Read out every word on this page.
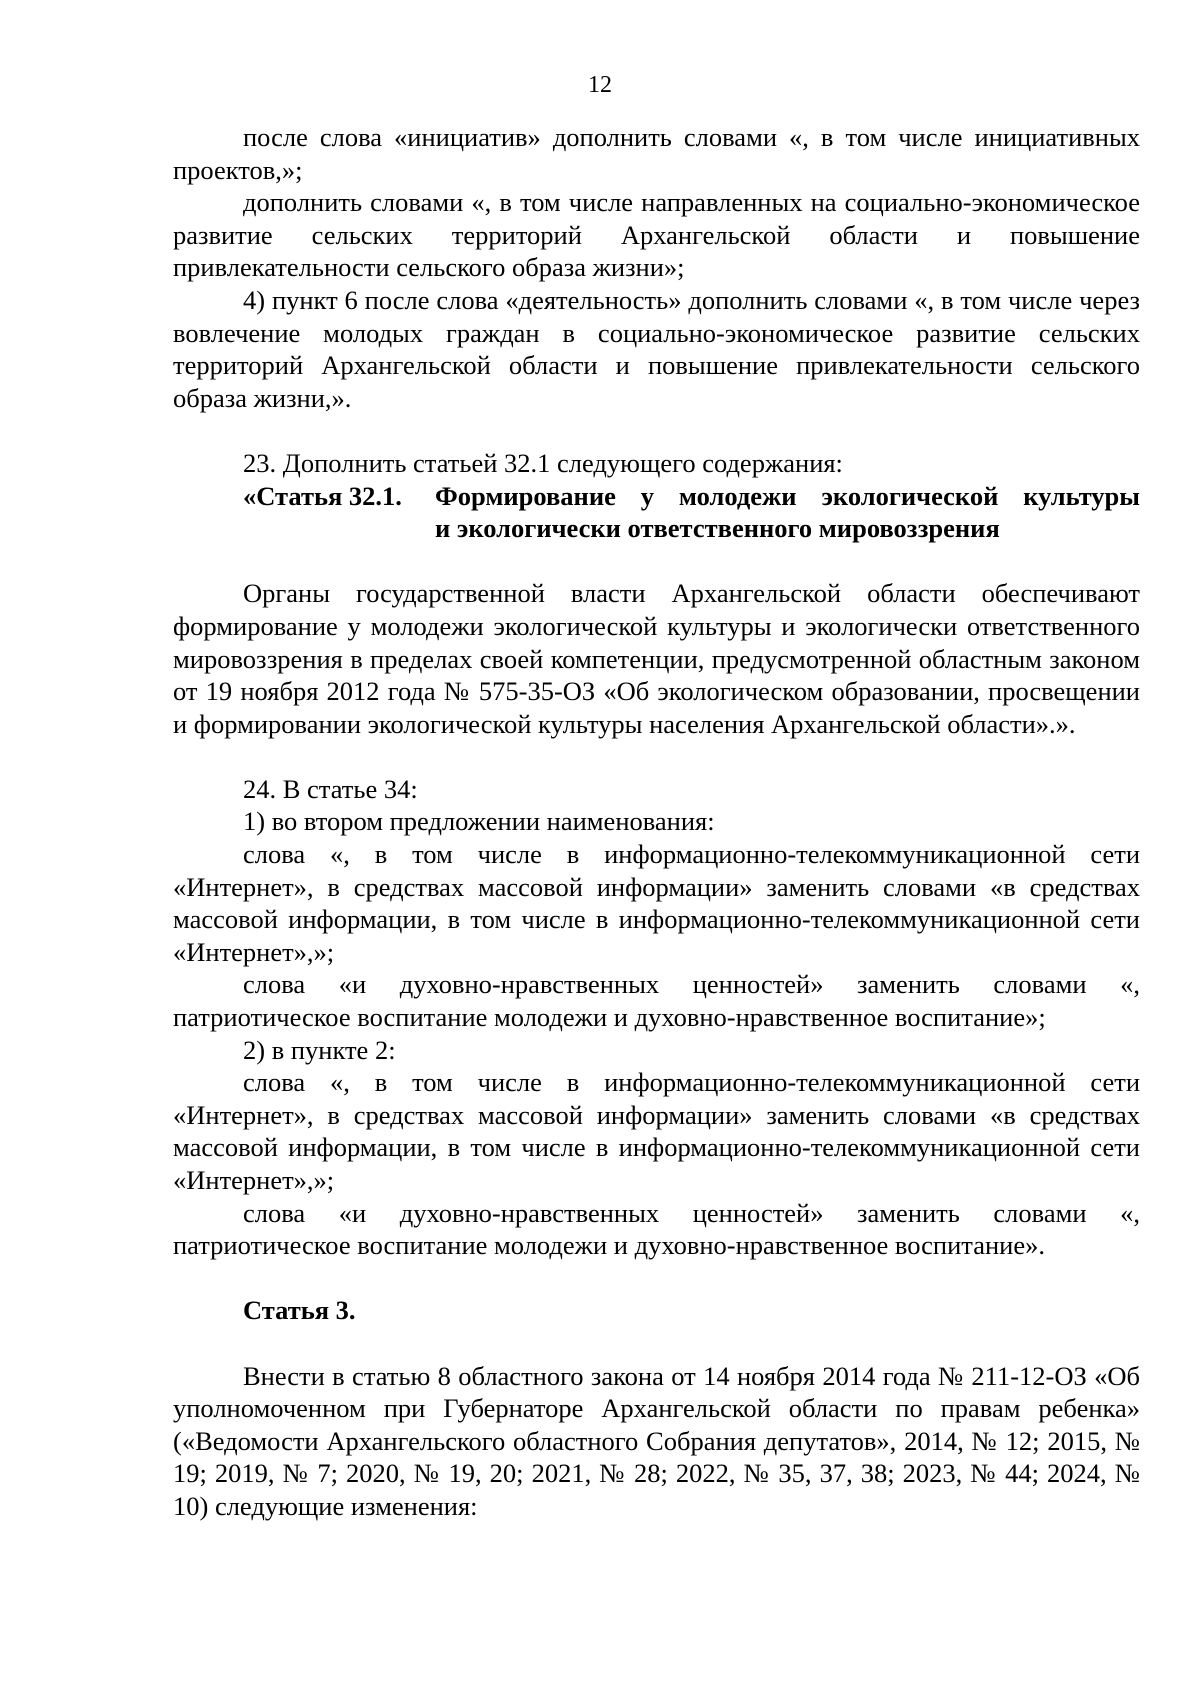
12

после слова «инициатив» дополнить словами «, в том числе инициативных проектов,»;

дополнить словами «, в том числе направленных на социально-экономическое развитие сельских территорий Архангельской области и повышение привлекательности сельского образа жизни»;

4) пункт 6 после слова «деятельность» дополнить словами «, в том числе через вовлечение молодых граждан в социально-экономическое развитие сельских территорий Архангельской области и повышение привлекательности сельского образа жизни,».

23. Дополнить статьей 32.1 следующего содержания:

«Статья 32.1.	Формирование у молодежи экологической культуры
и экологически ответственного мировоззрения

Органы государственной власти Архангельской области обеспечивают формирование у молодежи экологической культуры и экологически ответственного мировоззрения в пределах своей компетенции, предусмотренной областным законом от 19 ноября 2012 года № 575-35-ОЗ «Об экологическом образовании, просвещении и формировании экологической культуры населения Архангельской области».».

24. В статье 34:

1) во втором предложении наименования:

слова «, в том числе в информационно-телекоммуникационной сети «Интернет», в средствах массовой информации» заменить словами «в средствах массовой информации, в том числе в информационно-телекоммуникационной сети «Интернет»,»;

слова «и духовно-нравственных ценностей» заменить словами «, патриотическое воспитание молодежи и духовно-нравственное воспитание»;

2) в пункте 2:

слова «, в том числе в информационно-телекоммуникационной сети «Интернет», в средствах массовой информации» заменить словами «в средствах массовой информации, в том числе в информационно-телекоммуникационной сети «Интернет»,»;

слова «и духовно-нравственных ценностей» заменить словами «, патриотическое воспитание молодежи и духовно-нравственное воспитание».

Статья 3.

Внести в статью 8 областного закона от 14 ноября 2014 года № 211-12-ОЗ «Об уполномоченном при Губернаторе Архангельской области по правам ребенка» («Ведомости Архангельского областного Собрания депутатов», 2014, № 12; 2015, № 19; 2019, № 7; 2020, № 19, 20; 2021, № 28; 2022, № 35, 37, 38; 2023, № 44; 2024, № 10) следующие изменения:
